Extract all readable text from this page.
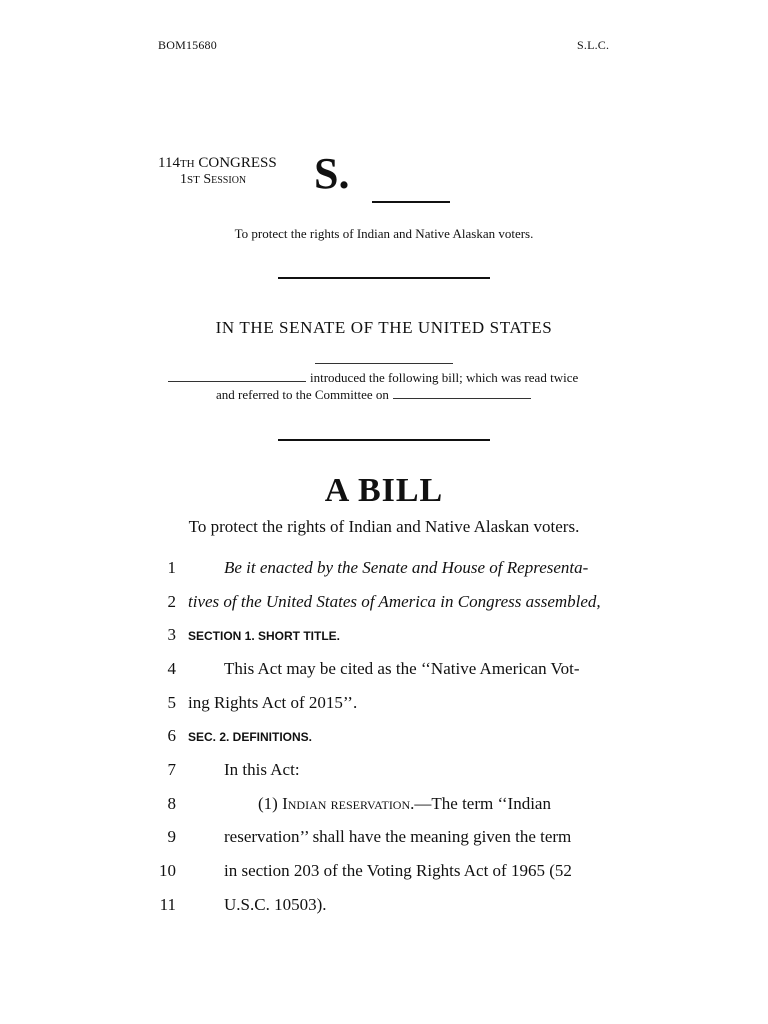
BOM15680	S.L.C.
114TH CONGRESS
1ST Session S.
To protect the rights of Indian and Native Alaskan voters.
IN THE SENATE OF THE UNITED STATES
introduced the following bill; which was read twice
and referred to the Committee on
A BILL
To protect the rights of Indian and Native Alaskan voters.
1	Be it enacted by the Senate and House of Representa-
2 tives of the United States of America in Congress assembled,
3 SECTION 1. SHORT TITLE.
4	This Act may be cited as the ‘‘Native American Vot-
5 ing Rights Act of 2015’’.
6 SEC. 2. DEFINITIONS.
7	In this Act:
8	(1) Indian reservation.—The term ‘‘Indian
9	reservation’’ shall have the meaning given the term
10	in section 203 of the Voting Rights Act of 1965 (52
11	U.S.C. 10503).
